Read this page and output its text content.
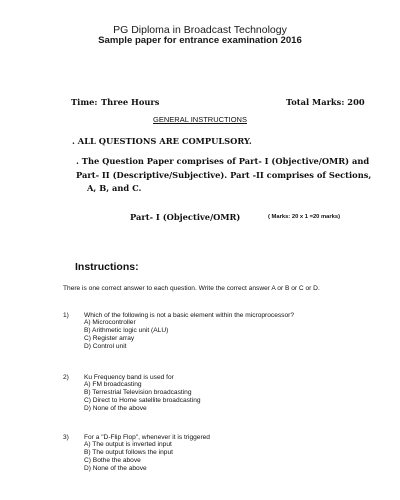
PG Diploma in Broadcast Technology
Sample paper for entrance examination 2016
Time: Three Hours	Total Marks: 200
GENERAL INSTRUCTIONS
. ALL QUESTIONS ARE COMPULSORY.
. The Question Paper comprises of Part- I (Objective/OMR) and
Part- II (Descriptive/Subjective). Part -II comprises of Sections,
A, B, and C.
Part- I (Objective/OMR)	( Marks: 20 x 1 =20 marks)
Instructions:
There is one correct answer to each question. Write the correct answer A or B or C or D.
1) Which of the following is not a basic element within the microprocessor?
A) Microcontroller
B) Arithmetic logic unit (ALU)
C) Register array
D) Control unit
2) Ku Frequency band is used for
A) FM broadcasting
B) Terrestrial Television broadcasting
C) Direct to Home satellite broadcasting
D) None of the above
3) For a "D-Flip Flop", whenever it is triggered
A) The output is inverted input
B) The output follows the input
C) Bothe the above
D) None of the above
